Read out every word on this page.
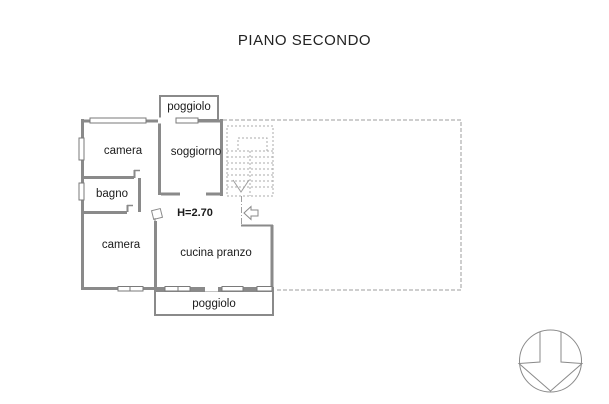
PIANO SECONDO
poggiolo
camera soggiorno
bagno
camera
cucina pranzo
poggiolo
H=2.70
